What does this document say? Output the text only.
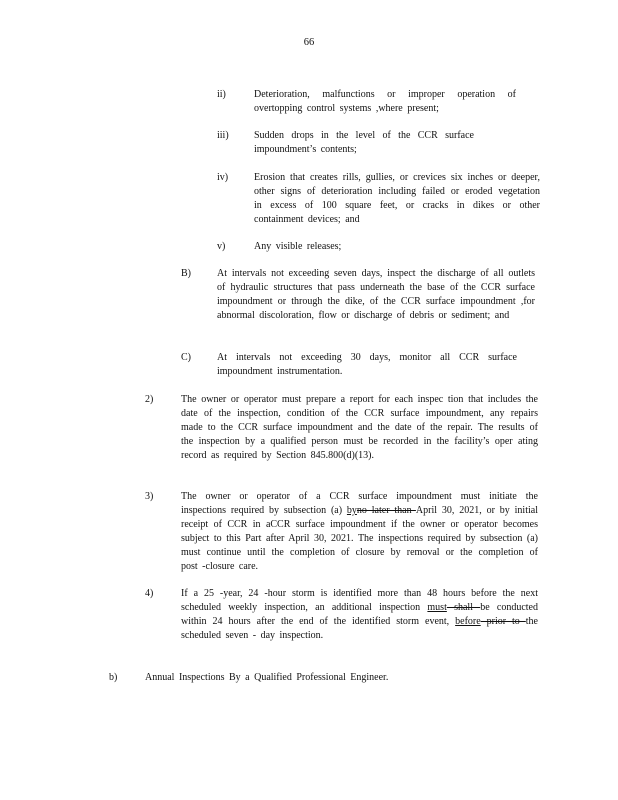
66
ii)	Deterioration, malfunctions or improper operation of overtopping control systems ,where present;
iii)	Sudden drops in the level of the CCR surface impoundment’s contents;
iv)	Erosion that creates rills, gullies, or crevices six inches or deeper, other signs of deterioration including failed or eroded vegetation in excess of 100 square feet, or cracks in dikes or other containment devices; and
v)	Any visible releases;
B)	At intervals not exceeding seven days, inspect the discharge of all outlets of hydraulic structures that pass underneath the base of the CCR surface impoundment or through the dike, of the CCR surface impoundment ,for abnormal discoloration, flow or discharge of debris or sediment; and
C)	At intervals not exceeding 30 days, monitor all CCR surface impoundment instrumentation.
2)	The owner or operator must prepare a report for each inspec tion that includes the date of the inspection, condition of the CCR surface impoundment, any repairs made to the CCR surface impoundment and the date of the repair. The results of the inspection by a qualified person must be recorded in the facility’s oper ating record as required by Section 845.800(d)(13).
3)	The owner or operator of a CCR surface impoundment must initiate the inspections required by subsection (a) byno later than April 30, 2021, or by initial receipt of CCR in aCCR surface impoundment if the owner or operator becomes subject to this Part after April 30, 2021. The inspections required by subsection (a) must continue until the completion of closure by removal or the completion of post -closure care.
4)	If a 25 -year, 24 -hour storm is identified more than 48 hours before the next scheduled weekly inspection, an additional inspection must shall be conducted within 24 hours after the end of the identified storm event, before prior to the scheduled seven - day inspection.
b)	Annual Inspections By a Qualified Professional Engineer.
